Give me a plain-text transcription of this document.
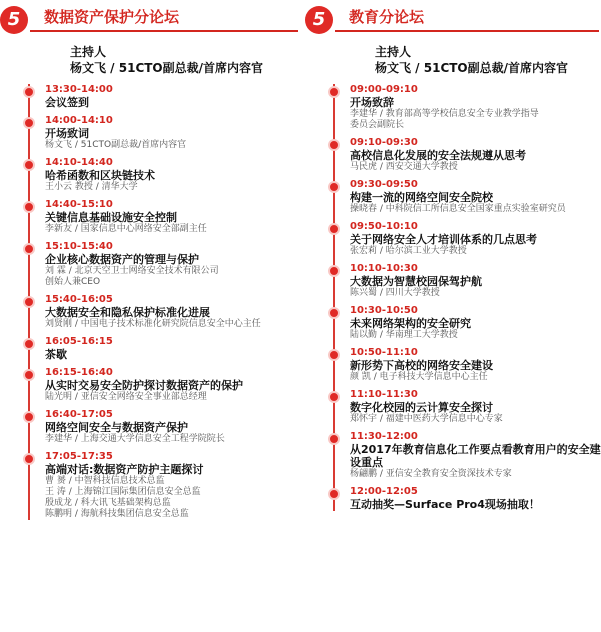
5	数据资产保护分论坛
主持人
杨文飞 / 51CTO副总裁/首席内容官
13:30-14:00
会议签到
14:00-14:10
开场致词
杨文飞 / 51CTO副总裁/首席内容官
14:10-14:40
哈希函数和区块链技术
王小云 教授 / 清华大学
14:40-15:10
关键信息基础设施安全控制
李新友 / 国家信息中心网络安全部副主任
15:10-15:40
企业核心数据资产的管理与保护
刘 霖 / 北京天空卫士网络安全技术有限公司
创始人兼CEO
15:40-16:05
大数据安全和隐私保护标准化进展
刘贤刚 / 中国电子技术标准化研究院信息安全中心主任
16:05-16:15
茶歇
16:15-16:40
从实时交易安全防护探讨数据资产的保护
陆光明 / 亚信安全网络安全事业部总经理
16:40-17:05
网络空间安全与数据资产保护
李建华 / 上海交通大学信息安全工程学院院长
17:05-17:35
高端对话:数据资产防护主题探讨
曹 赟 / 中智科技信息技术总监
王 涛 / 上海锦江国际集团信息安全总监
殷成龙 / 科大讯飞基础架构总监
陈鹏明 / 海航科技集团信息安全总监
5	教育分论坛
主持人
杨文飞 / 51CTO副总裁/首席内容官
09:00-09:10
开场致辞
李建华 / 教育部高等学校信息安全专业教学指导
委员会副院长
09:10-09:30
高校信息化发展的安全法规遵从思考
马民虎 / 西安交通大学教授
09:30-09:50
构建一流的网络空间安全院校
操晓春 / 中科院信工所信息安全国家重点实验室研究员
09:50-10:10
关于网络安全人才培训体系的几点思考
张宏莉 / 哈尔滨工业大学教授
10:10-10:30
大数据为智慧校园保驾护航
陈兴蜀 / 四川大学教授
10:30-10:50
未来网络架构的安全研究
陆以勤 / 华南理工大学教授
10:50-11:10
新形势下高校的网络安全建设
颜 凯 / 电子科技大学信息中心主任
11:10-11:30
数字化校园的云计算安全探讨
郑怀宇 / 福建中医药大学信息中心专家
11:30-12:00
从2017年教育信息化工作要点看教育用户的安全建设重点
杨翩鹏 / 亚信安全教育安全资深技术专家
12:00-12:05
互动抽奖—Surface Pro4现场抽取！
